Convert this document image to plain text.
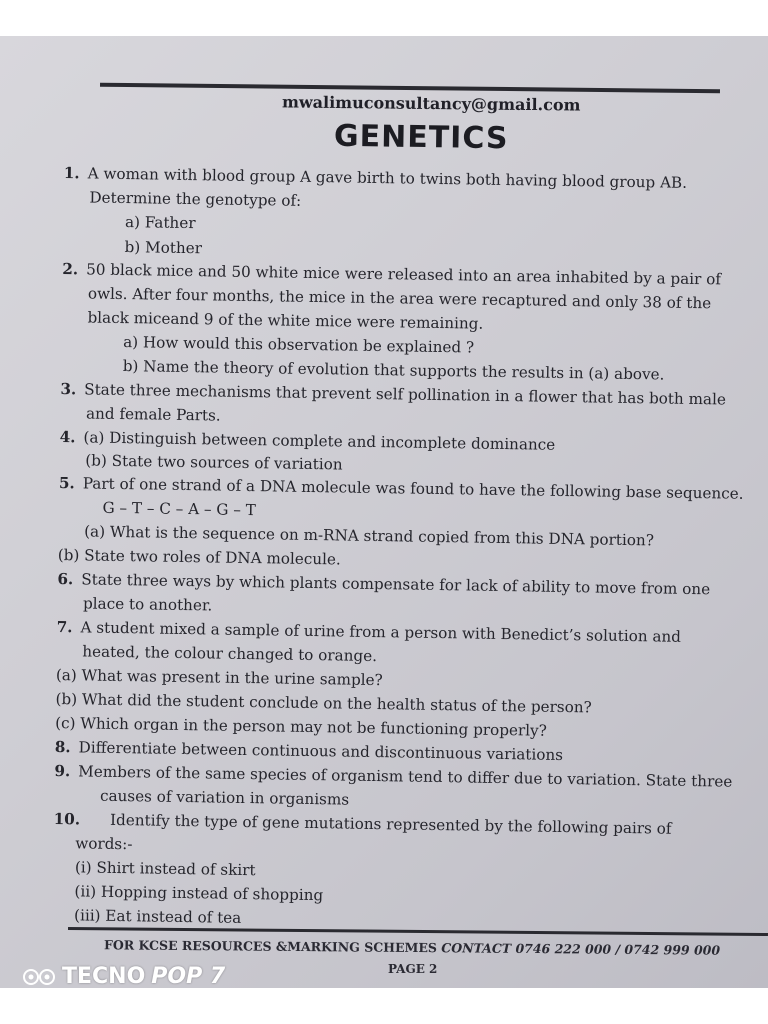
mwalimuconsultancy@gmail.com
GENETICS
1. A woman with blood group A gave birth to twins both having blood group AB.
Determine the genotype of:
a) Father
b) Mother
2. 50 black mice and 50 white mice were released into an area inhabited by a pair of
owls. After four months, the mice in the area were recaptured and only 38 of the
black miceand 9 of the white mice were remaining.
a) How would this observation be explained ?
b) Name the theory of evolution that supports the results in (a) above.
3. State three mechanisms that prevent self pollination in a flower that has both male
and female Parts.
4. (a) Distinguish between complete and incomplete dominance
(b) State two sources of variation
5. Part of one strand of a DNA molecule was found to have the following base sequence.
G – T – C – A – G – T
(a) What is the sequence on m-RNA strand copied from this DNA portion?
(b) State two roles of DNA molecule.
6. State three ways by which plants compensate for lack of ability to move from one
place to another.
7. A student mixed a sample of urine from a person with Benedict’s solution and
heated, the colour changed to orange.
(a) What was present in the urine sample?
(b) What did the student conclude on the health status of the person?
(c) Which organ in the person may not be functioning properly?
8. Differentiate between continuous and discontinuous variations
9. Members of the same species of organism tend to differ due to variation. State three
causes of variation in organisms
10. Identify the type of gene mutations represented by the following pairs of
words:-
(i) Shirt instead of skirt
(ii) Hopping instead of shopping
(iii) Eat instead of tea
FOR KCSE RESOURCES &MARKING SCHEMES CONTACT 0746 222 000 / 0742 999 000
PAGE 2
TECNO POP 7
